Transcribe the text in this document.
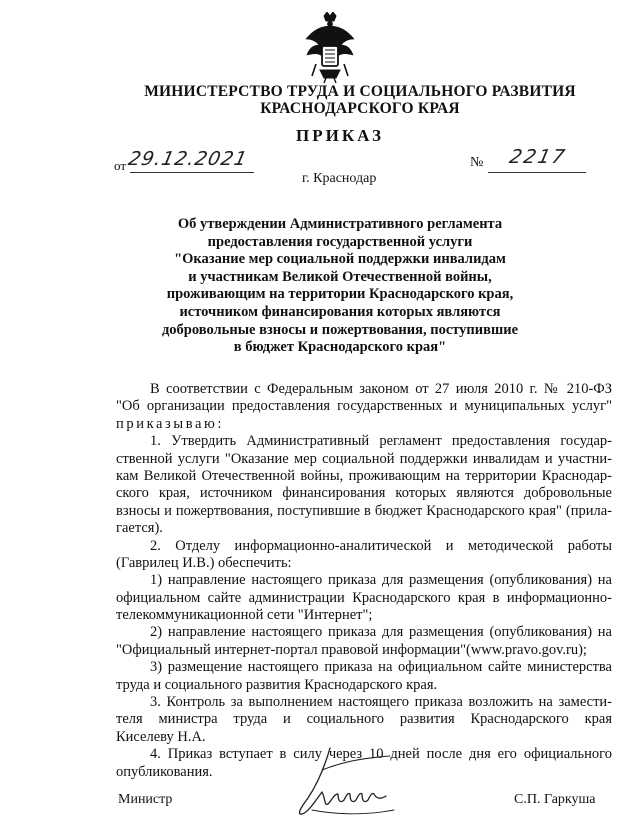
МИНИСТЕРСТВО ТРУДА И СОЦИАЛЬНОГО РАЗВИТИЯ
КРАСНОДАРСКОГО КРАЯ
ПРИКАЗ
от 29.12.2021	№	2217
г. Краснодар
Об утверждении Административного регламента
предоставления государственной услуги
"Оказание мер социальной поддержки инвалидам
и участникам Великой Отечественной войны,
проживающим на территории Краснодарского края,
источником финансирования которых являются
добровольные взносы и пожертвования, поступившие
в бюджет Краснодарского края"
В соответствии с Федеральным законом от 27 июля 2010 г. № 210-ФЗ
"Об организации предоставления государственных и муниципальных услуг"
приказываю:
1. Утвердить Административный регламент предоставления государ-
ственной услуги "Оказание мер социальной поддержки инвалидам и участни-
кам Великой Отечественной войны, проживающим на территории Краснодар-
ского края, источником финансирования которых являются добровольные
взносы и пожертвования, поступившие в бюджет Краснодарского края" (прила-
гается).
2. Отделу информационно-аналитической и методической работы
(Гаврилец И.В.) обеспечить:
1) направление настоящего приказа для размещения (опубликования) на
официальном сайте администрации Краснодарского края в информационно-
телекоммуникационной сети "Интернет";
2) направление настоящего приказа для размещения (опубликования) на
"Официальный интернет-портал правовой информации"(www.pravo.gov.ru);
3) размещение настоящего приказа на официальном сайте министерства
труда и социального развития Краснодарского края.
3. Контроль за выполнением настоящего приказа возложить на замести-
теля министра труда и социального развития Краснодарского края
Киселеву Н.А.
4. Приказ вступает в силу через 10 дней после дня его официального
опубликования.
Министр	С.П. Гаркуша
